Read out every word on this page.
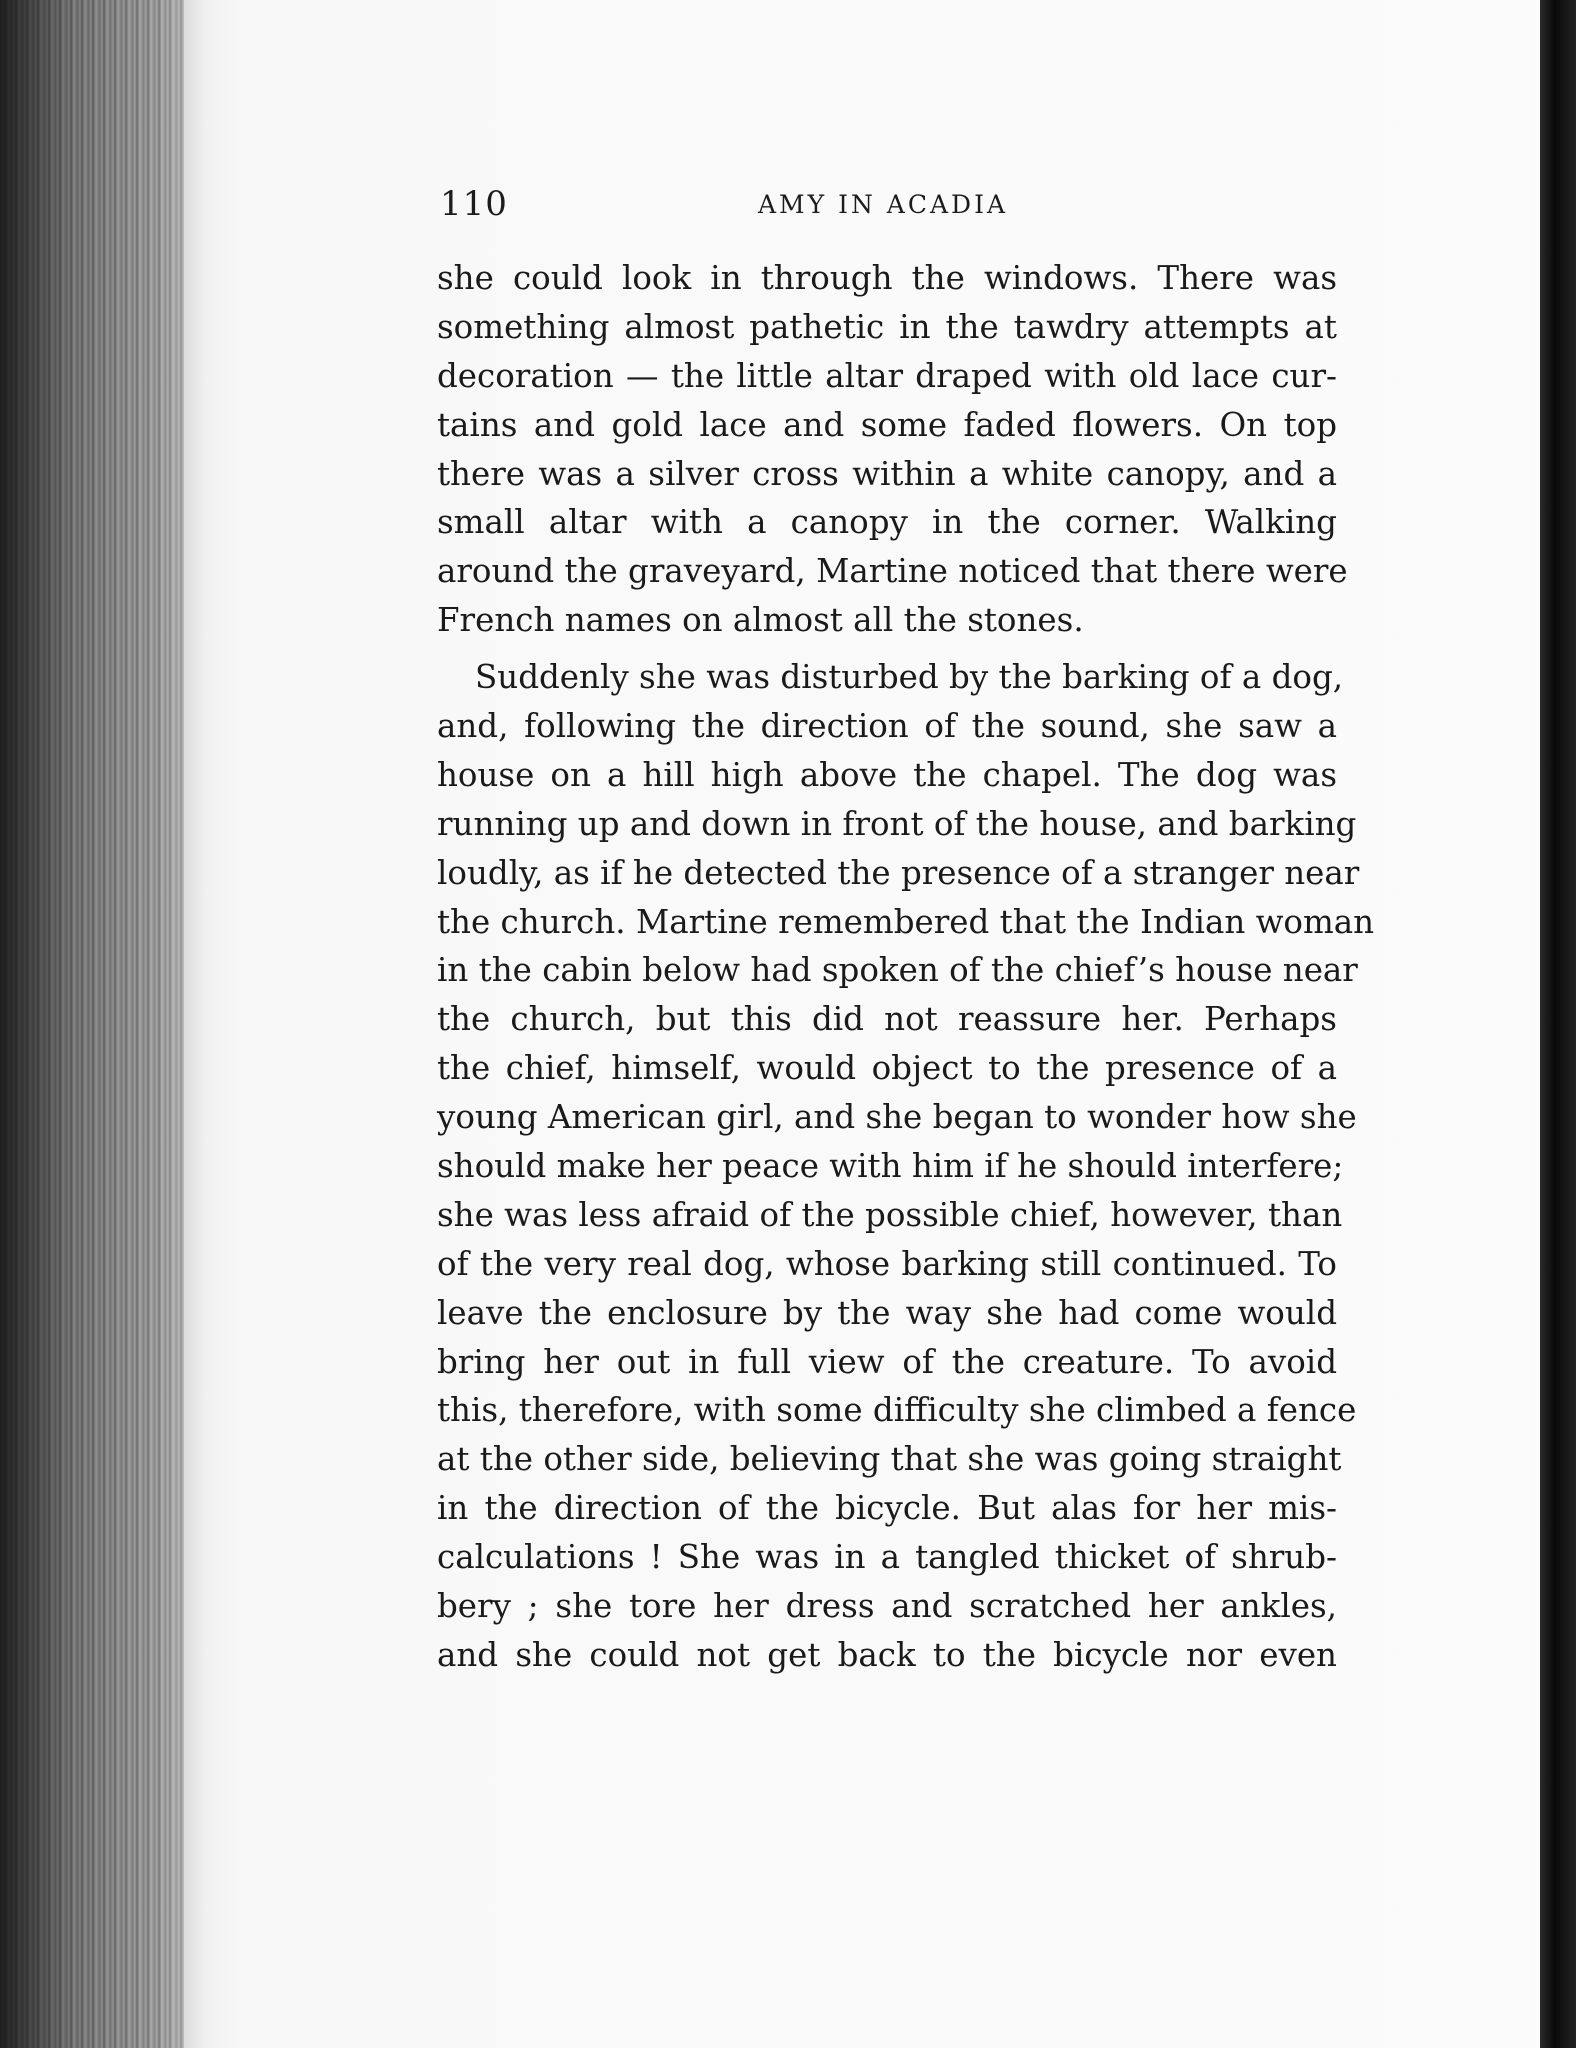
110	AMY IN ACADIA
she could look in through the windows. There was
something almost pathetic in the tawdry attempts at
decoration — the little altar draped with old lace cur-
tains and gold lace and some faded flowers. On top
there was a silver cross within a white canopy, and a
small altar with a canopy in the corner. Walking
around the graveyard, Martine noticed that there were
French names on almost all the stones.
Suddenly she was disturbed by the barking of a dog,
and, following the direction of the sound, she saw a
house on a hill high above the chapel. The dog was
running up and down in front of the house, and barking
loudly, as if he detected the presence of a stranger near
the church. Martine remembered that the Indian woman
in the cabin below had spoken of the chief’s house near
the church, but this did not reassure her. Perhaps
the chief, himself, would object to the presence of a
young American girl, and she began to wonder how she
should make her peace with him if he should interfere;
she was less afraid of the possible chief, however, than
of the very real dog, whose barking still continued. To
leave the enclosure by the way she had come would
bring her out in full view of the creature. To avoid
this, therefore, with some difficulty she climbed a fence
at the other side, believing that she was going straight
in the direction of the bicycle. But alas for her mis-
calculations ! She was in a tangled thicket of shrub-
bery ; she tore her dress and scratched her ankles,
and she could not get back to the bicycle nor even
